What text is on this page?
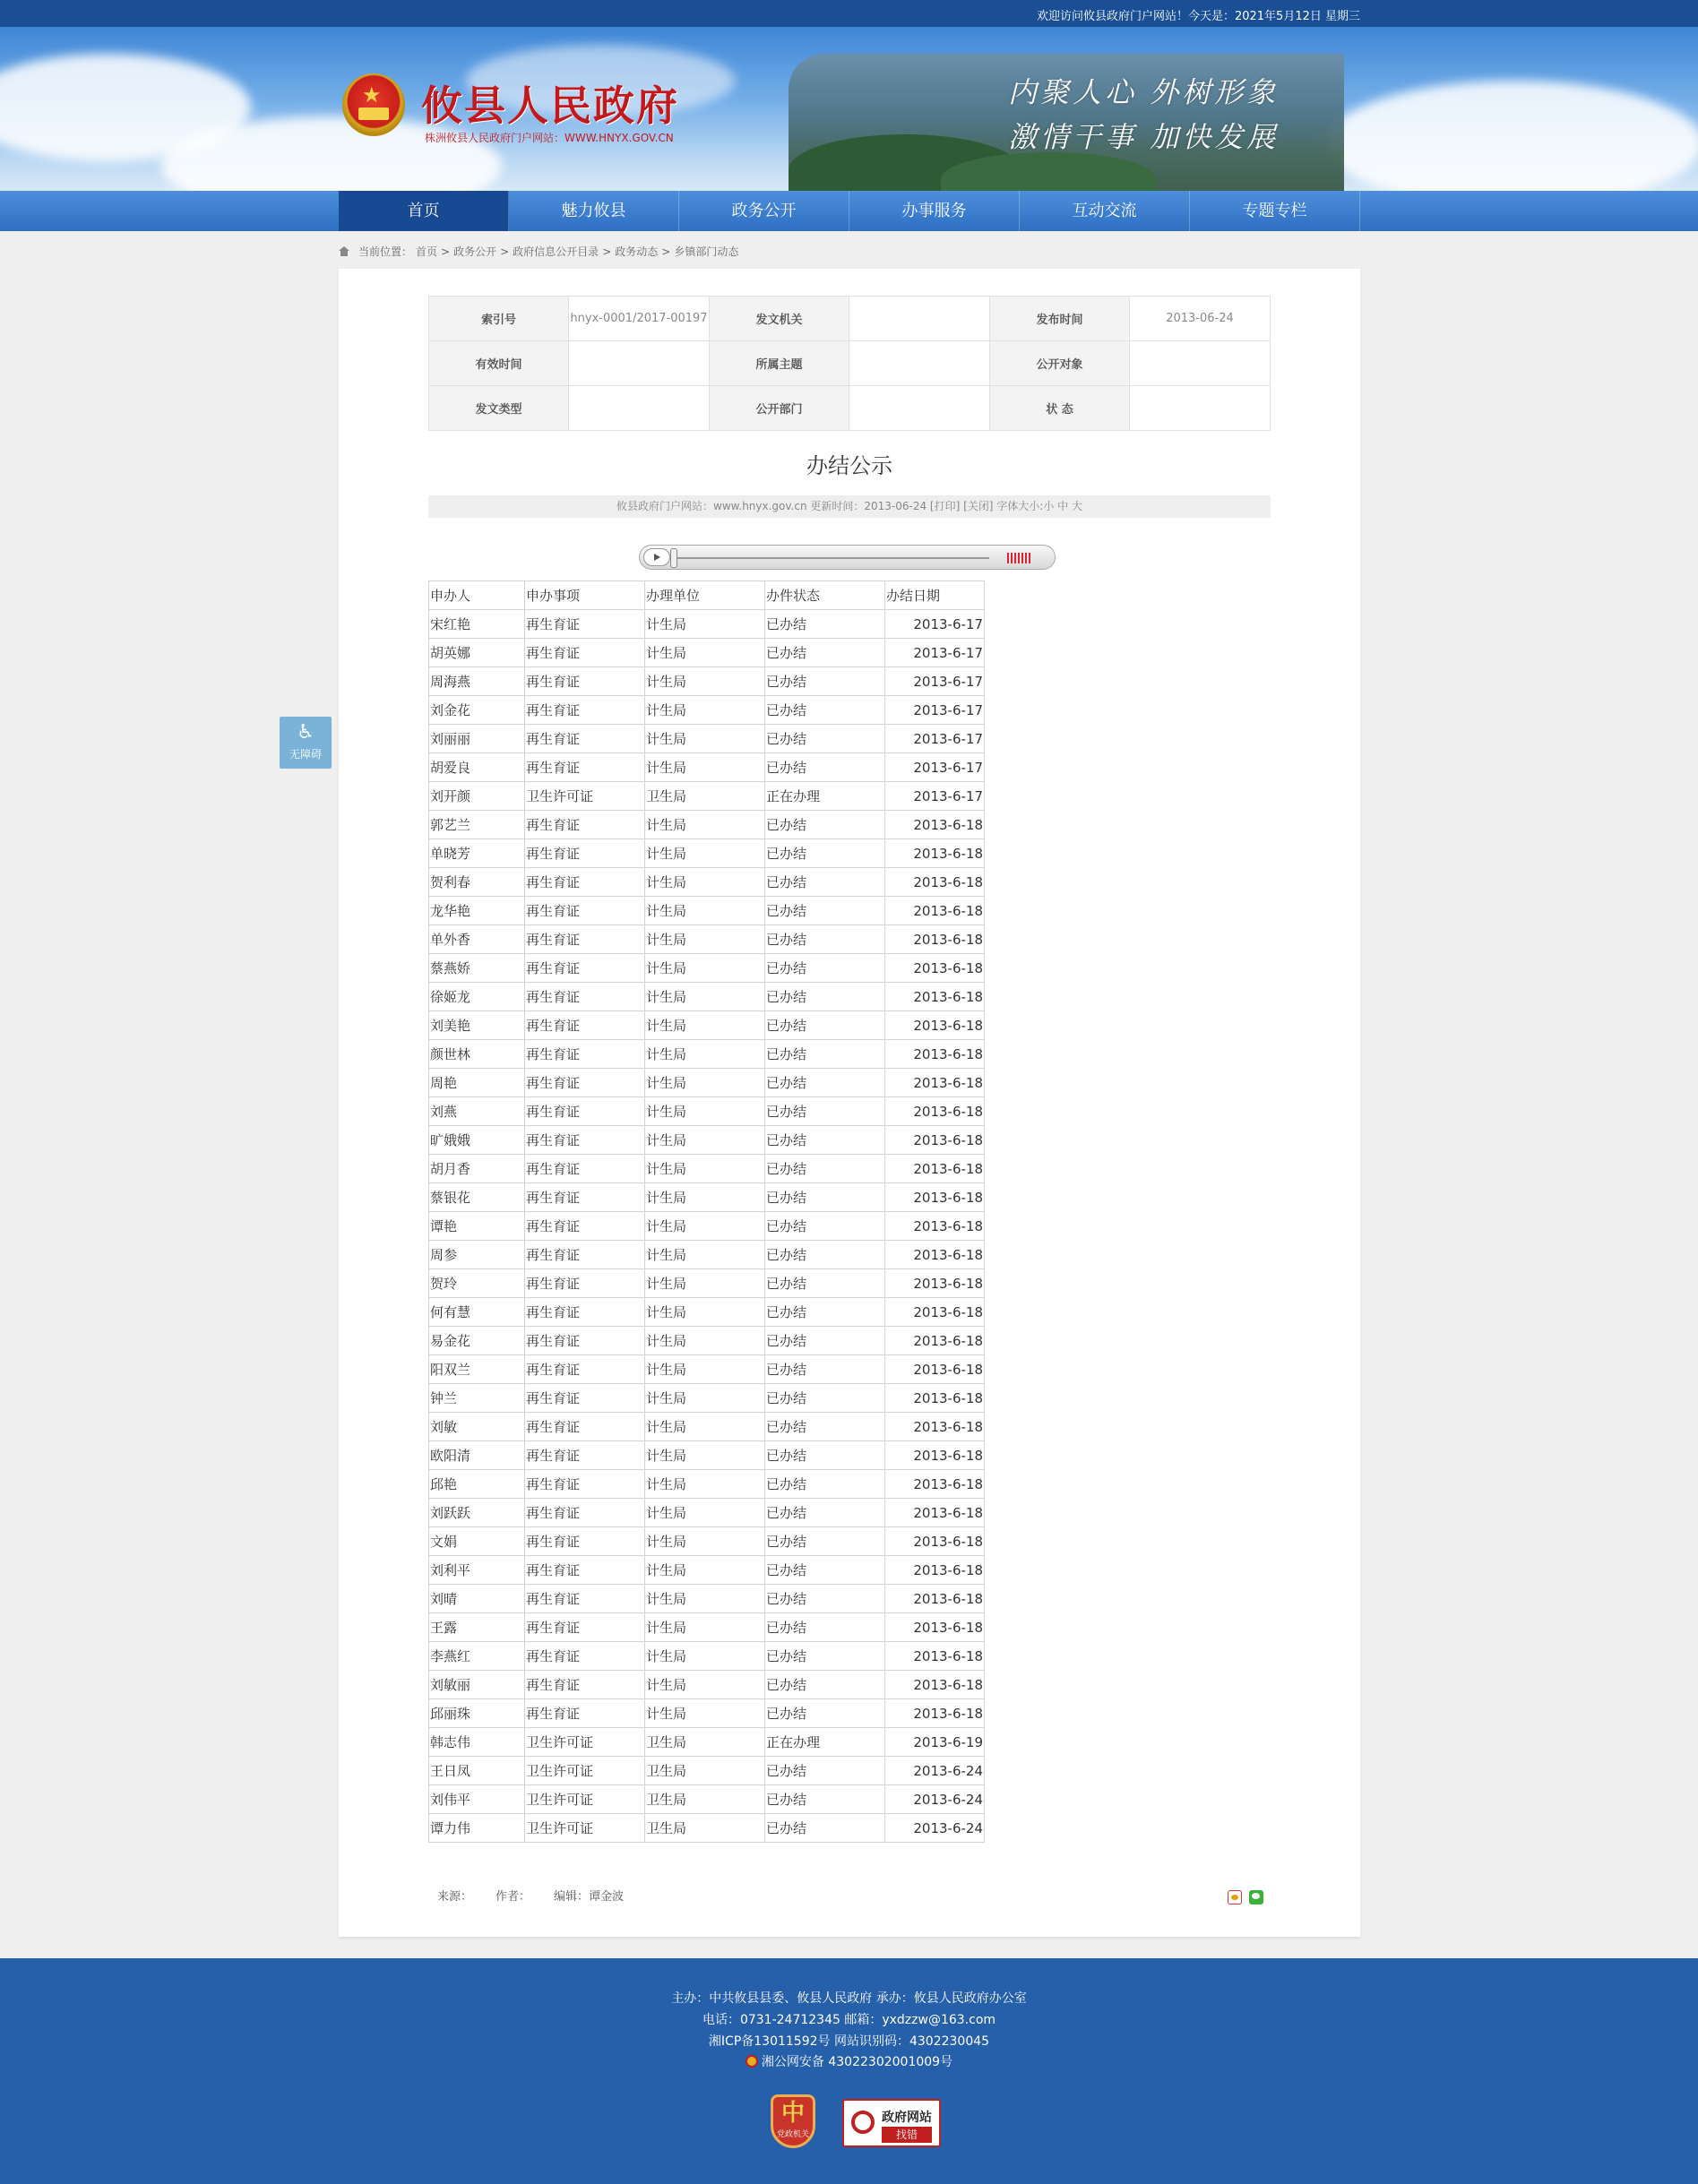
欢迎访问攸县政府门户网站！今天是：2021年5月12日 星期三
★ 攸县人民政府
株洲攸县人民政府门户网站：WWW.HNYX.GOV.CN
内聚人心 外树形象
激情干事 加快发展
首页	魅力攸县	政务公开	办事服务	互动交流	专题专栏
当前位置： 首页 > 政务公开 > 政府信息公开目录 > 政务动态 > 乡镇部门动态
索引号	hnyx-0001/2017-00197	发文机关		发布时间	2013-06-24
有效时间		所属主题		公开对象	
发文类型		公开部门		状 态	
办结公示
攸县政府门户网站：www.hnyx.gov.cn 更新时间：2013-06-24 [打印] [关闭] 字体大小:小 中 大
申办人	申办事项	办理单位	办件状态	办结日期
宋红艳	再生育证	计生局	已办结	2013-6-17
胡英娜	再生育证	计生局	已办结	2013-6-17
周海燕	再生育证	计生局	已办结	2013-6-17
刘金花	再生育证	计生局	已办结	2013-6-17
刘丽丽	再生育证	计生局	已办结	2013-6-17
胡爱良	再生育证	计生局	已办结	2013-6-17
刘开颜	卫生许可证	卫生局	正在办理	2013-6-17
郭艺兰	再生育证	计生局	已办结	2013-6-18
单晓芳	再生育证	计生局	已办结	2013-6-18
贺利春	再生育证	计生局	已办结	2013-6-18
龙华艳	再生育证	计生局	已办结	2013-6-18
单外香	再生育证	计生局	已办结	2013-6-18
蔡燕娇	再生育证	计生局	已办结	2013-6-18
徐姬龙	再生育证	计生局	已办结	2013-6-18
刘美艳	再生育证	计生局	已办结	2013-6-18
颜世林	再生育证	计生局	已办结	2013-6-18
周艳	再生育证	计生局	已办结	2013-6-18
刘燕	再生育证	计生局	已办结	2013-6-18
旷娥娥	再生育证	计生局	已办结	2013-6-18
胡月香	再生育证	计生局	已办结	2013-6-18
蔡银花	再生育证	计生局	已办结	2013-6-18
谭艳	再生育证	计生局	已办结	2013-6-18
周参	再生育证	计生局	已办结	2013-6-18
贺玲	再生育证	计生局	已办结	2013-6-18
何有慧	再生育证	计生局	已办结	2013-6-18
易金花	再生育证	计生局	已办结	2013-6-18
阳双兰	再生育证	计生局	已办结	2013-6-18
钟兰	再生育证	计生局	已办结	2013-6-18
刘敏	再生育证	计生局	已办结	2013-6-18
欧阳清	再生育证	计生局	已办结	2013-6-18
邱艳	再生育证	计生局	已办结	2013-6-18
刘跃跃	再生育证	计生局	已办结	2013-6-18
文娟	再生育证	计生局	已办结	2013-6-18
刘利平	再生育证	计生局	已办结	2013-6-18
刘晴	再生育证	计生局	已办结	2013-6-18
王露	再生育证	计生局	已办结	2013-6-18
李燕红	再生育证	计生局	已办结	2013-6-18
刘敏丽	再生育证	计生局	已办结	2013-6-18
邱丽珠	再生育证	计生局	已办结	2013-6-18
韩志伟	卫生许可证	卫生局	正在办理	2013-6-19
王日凤	卫生许可证	卫生局	已办结	2013-6-24
刘伟平	卫生许可证	卫生局	已办结	2013-6-24
谭力伟	卫生许可证	卫生局	已办结	2013-6-24
来源： 作者： 编辑：谭金波
♿
无障碍
主办：中共攸县县委、攸县人民政府 承办：攸县人民政府办公室
电话：0731-24712345 邮箱：yxdzzw@163.com
湘ICP备13011592号 网站识别码：4302230045
湘公网安备 43022302001009号
中
党政机关
政府网站
找错
